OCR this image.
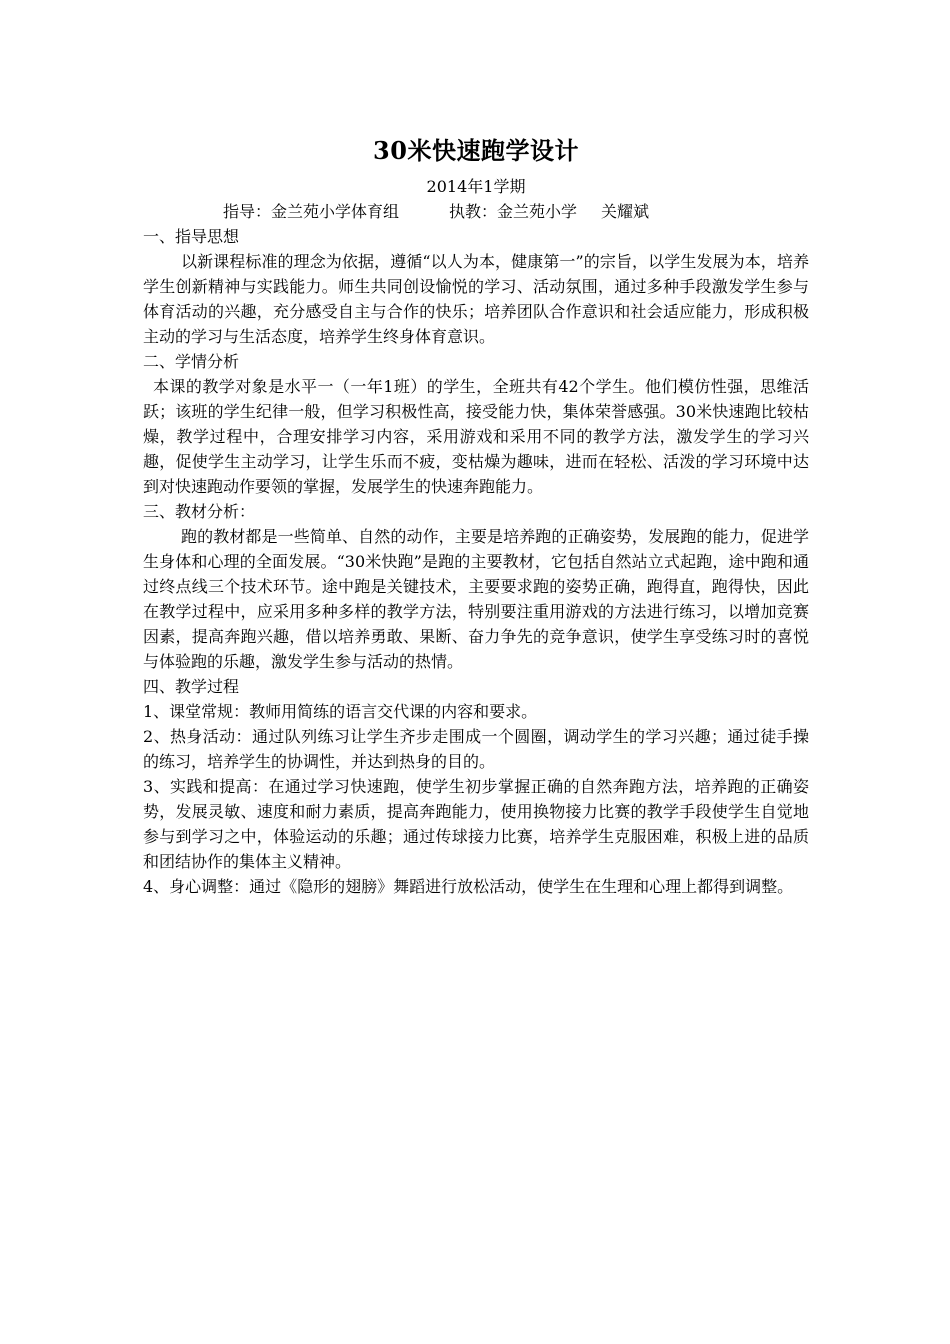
30米快速跑学设计

2014年1学期

指导：金兰苑小学体育组	执教：金兰苑小学 关耀斌

一、指导思想

以新课程标准的理念为依据，遵循“以人为本，健康第一”的宗旨，以学生发展为本，培养学生创新精神与实践能力。师生共同创设愉悦的学习、活动氛围，通过多种手段激发学生参与体育活动的兴趣，充分感受自主与合作的快乐；培养团队合作意识和社会适应能力，形成积极主动的学习与生活态度，培养学生终身体育意识。

二、学情分析

本课的教学对象是水平一（一年1班）的学生，全班共有42个学生。他们模仿性强，思维活跃；该班的学生纪律一般，但学习积极性高，接受能力快，集体荣誉感强。30米快速跑比较枯燥，教学过程中，合理安排学习内容，采用游戏和采用不同的教学方法，激发学生的学习兴趣，促使学生主动学习，让学生乐而不疲，变枯燥为趣味，进而在轻松、活泼的学习环境中达到对快速跑动作要领的掌握，发展学生的快速奔跑能力。

三、教材分析：

跑的教材都是一些简单、自然的动作，主要是培养跑的正确姿势，发展跑的能力，促进学生身体和心理的全面发展。“30米快跑”是跑的主要教材，它包括自然站立式起跑，途中跑和通过终点线三个技术环节。途中跑是关键技术，主要要求跑的姿势正确，跑得直，跑得快，因此在教学过程中，应采用多种多样的教学方法，特别要注重用游戏的方法进行练习，以增加竞赛因素，提高奔跑兴趣，借以培养勇敢、果断、奋力争先的竞争意识，使学生享受练习时的喜悦与体验跑的乐趣，激发学生参与活动的热情。

四、教学过程

1、课堂常规：教师用简练的语言交代课的内容和要求。

2、热身活动：通过队列练习让学生齐步走围成一个圆圈，调动学生的学习兴趣；通过徒手操的练习，培养学生的协调性，并达到热身的目的。

3、实践和提高：在通过学习快速跑，使学生初步掌握正确的自然奔跑方法，培养跑的正确姿势，发展灵敏、速度和耐力素质，提高奔跑能力，使用换物接力比赛的教学手段使学生自觉地参与到学习之中，体验运动的乐趣；通过传球接力比赛，培养学生克服困难，积极上进的品质和团结协作的集体主义精神。

4、身心调整：通过《隐形的翅膀》舞蹈进行放松活动，使学生在生理和心理上都得到调整。
